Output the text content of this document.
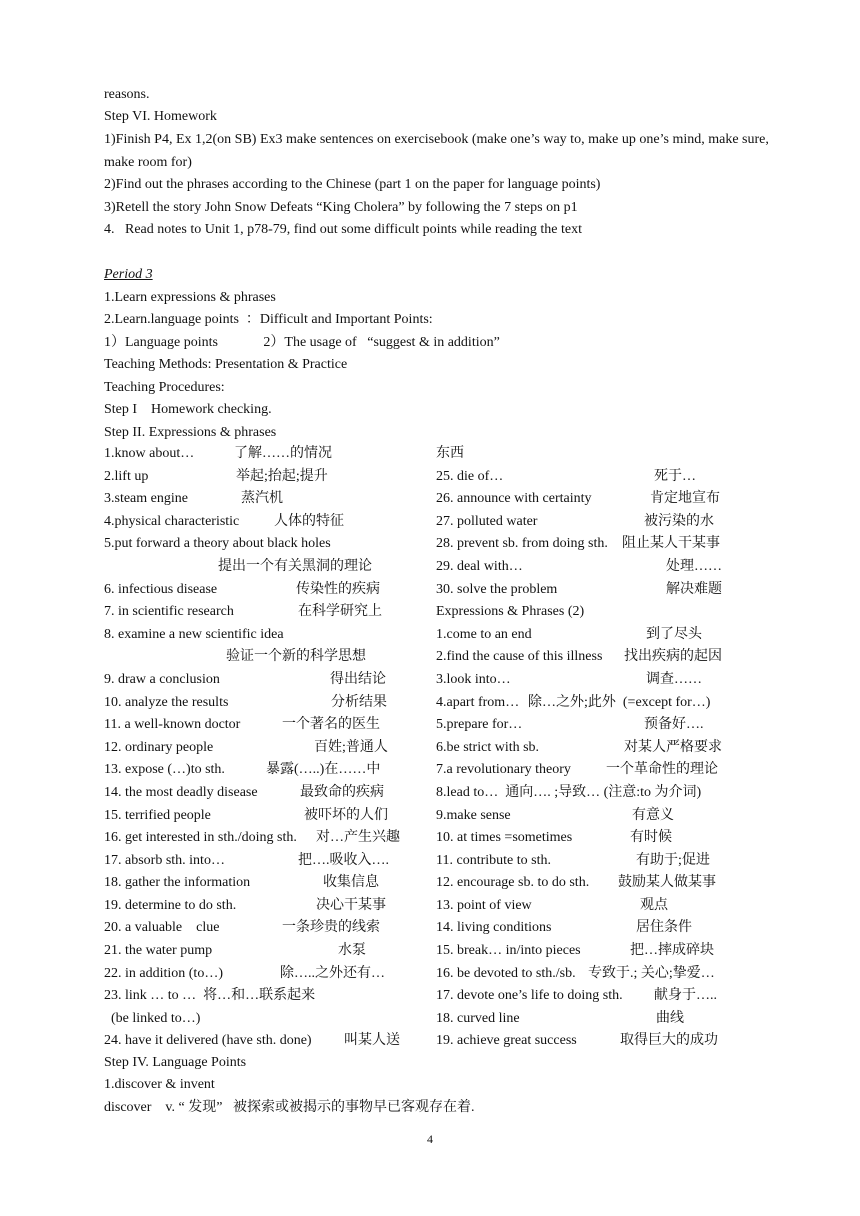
reasons.
Step VI. Homework
1)Finish P4, Ex 1,2(on SB) Ex3 make sentences on exercisebook (make one’s way to, make up one’s mind, make sure, make room for)
2)Find out the phrases according to the Chinese (part 1 on the paper for language points)
3)Retell the story John Snow Defeats “King Cholera” by following the 7 steps on p1
4.   Read notes to Unit 1, p78-79, find out some difficult points while reading the text
Period 3
1.Learn expressions & phrases
2.Learn.language points  ：Difficult and Important Points:
1）Language points             2）The usage of   “suggest & in addition”
Teaching Methods: Presentation & Practice
Teaching Procedures:
Step I    Homework checking.
Step II. Expressions & phrases
1.know about…	了解……的情况
2.lift up	举起;抬起;提升
3.steam engine	蒸汽机
4.physical characteristic 人体的特征
5.put forward a theory about black holes
提出一个有关黑洞的理论
6. infectious disease	传染性的疾病
7. in scientific research	在科学研究上
8. examine a new scientific idea
验证一个新的科学思想
9. draw a conclusion	得出结论
10. analyze the results	分析结果
11. a well-known doctor	一个著名的医生
12. ordinary people	百姓;普通人
13. expose (…)to sth.	暴露(…..)在……中
14. the most deadly disease	最致命的疾病
15. terrified people	被吓坏的人们
16. get interested in sth./doing sth. 对…产生兴趣
17. absorb sth. into…	把….吸收入….
18. gather the information	收集信息
19. determine to do sth.	决心干某事
20. a valuable    clue	一条珍贵的线索
21. the water pump	水泵
22. in addition (to…)	除…..之外还有…
23. link … to …  将…和…联系起来
(be linked to…)
24. have it delivered (have sth. done) 叫某人送
东西
25. die of…	死于…
26. announce with certainty	肯定地宣布
27. polluted water	被污染的水
28. prevent sb. from doing sth. 阻止某人干某事
29. deal with…	处理……
30. solve the problem	解决难题
Expressions & Phrases (2)
1.come to an end	到了尽头
2.find the cause of this illness 找出疾病的起因
3.look into…	调查……
4.apart from… 除…之外;此外  (=except for…)
5.prepare for…	预备好….
6.be strict with sb.	对某人严格要求
7.a revolutionary theory	一个革命性的理论
8.lead to…  通向…. ;导致… (注意:to 为介词)
9.make sense	有意义
10. at times =sometimes	有时候
11. contribute to sth.	有助于;促进
12. encourage sb. to do sth. 鼓励某人做某事
13. point of view	观点
14. living conditions	居住条件
15. break… in/into pieces	把…摔成碎块
16. be devoted to sth./sb. 专致于.; 关心;挚爱…
17. devote one’s life to doing sth. 献身于…..
18. curved line	曲线
19. achieve great success	取得巨大的成功
Step IV. Language Points
1.discover & invent
discover    v. “ 发现”   被探索或被揭示的事物早已客观存在着.
4
